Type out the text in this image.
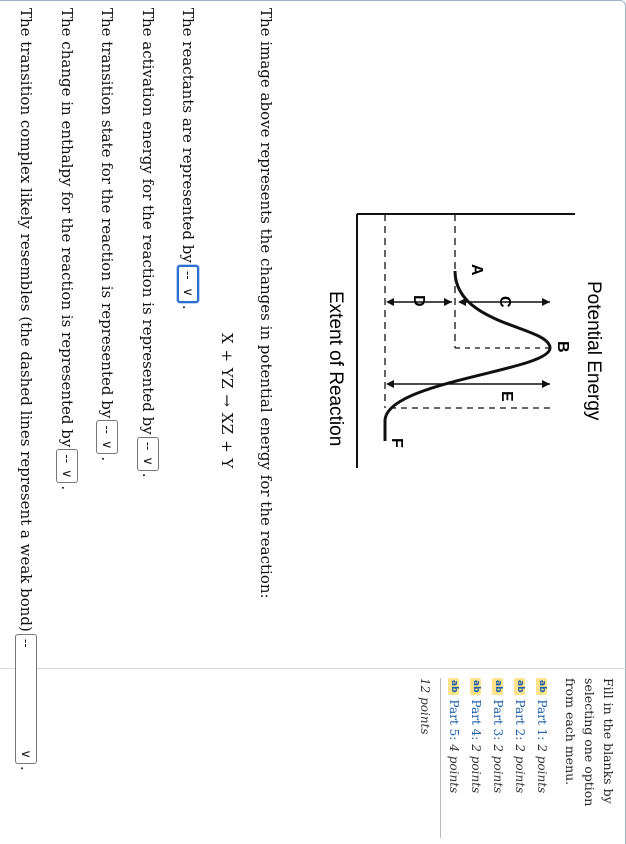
Fill in the blanks by selecting one option from each menu.
ab
Part 1:
2 points
ab
Part 2:
2 points
ab
Part 3:
2 points
ab
Part 4:
2 points
ab
Part 5:
4 points
12 points
Potential Energy
Extent of Reaction
A
B
C
D
E
F
The image above represents the changes in potential energy for the reaction:
X + YZ → XZ + Y
The reactants are represented by
--
∨
.
The activation energy for the reaction is represented by
--
∨
.
The transition state for the reaction is represented by
--
∨
.
The change in enthalpy for the reaction is represented by
--
∨
.
The transition complex likely resembles (the dashed lines represent a weak bond)
--
∨
.
